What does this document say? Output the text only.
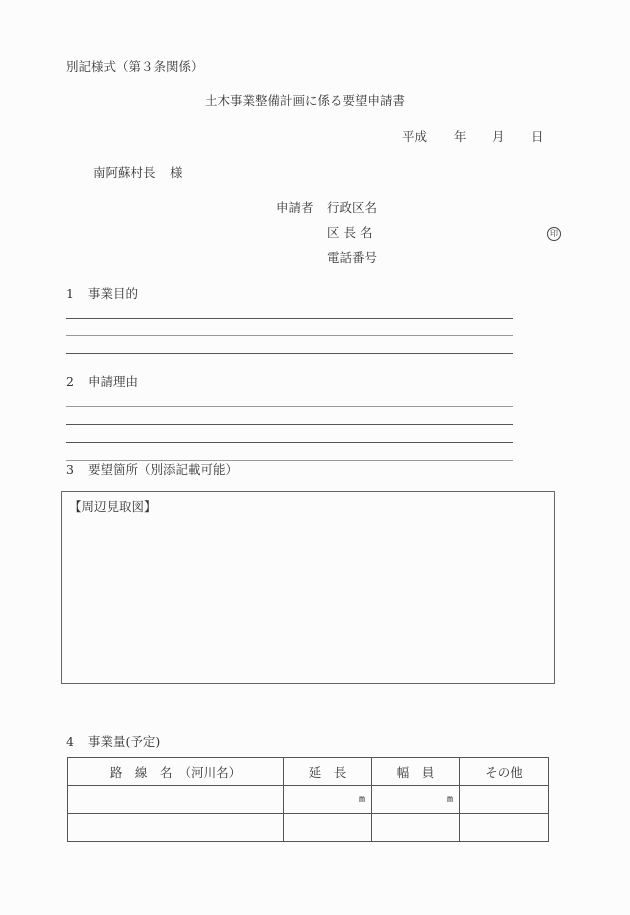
別記様式（第３条関係）
土木事業整備計画に係る要望申請書
平成 年 月 日
南阿蘇村長 様
申請者 行政区名
区 長 名	印
電話番号
1 事業目的
2 申請理由
3 要望箇所（別添記載可能）
【周辺見取図】
4 事業量(予定)
路　線　名　（河川名）	延　長	幅　員	その他
	m	m	
